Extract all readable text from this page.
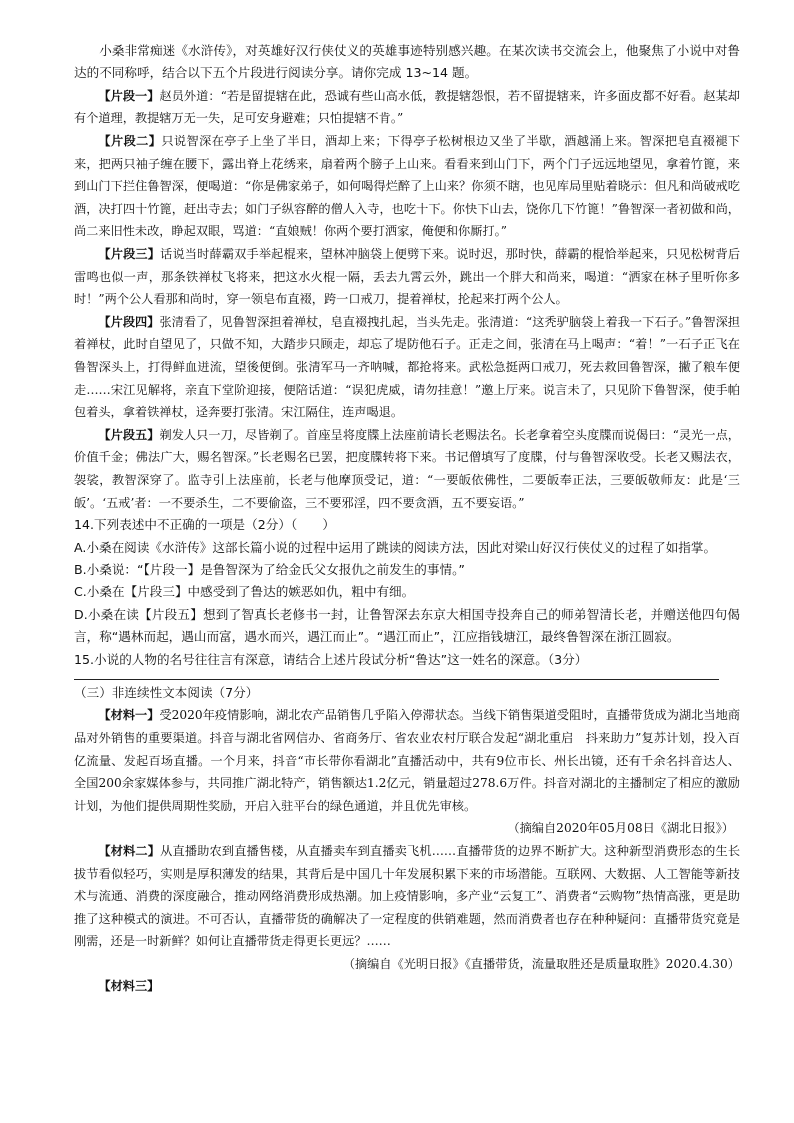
小桑非常痴迷《水浒传》，对英雄好汉行侠仗义的英雄事迹特别感兴趣。在某次读书交流会上，他聚焦了小说中对鲁达的不同称呼，结合以下五个片段进行阅读分享。请你完成 13~14 题。

【片段一】赵员外道：“若是留提辖在此，恐诚有些山高水低，教提辖怨恨，若不留提辖来，许多面皮都不好看。赵某却有个道理，教提辖万无一失，足可安身避难；只怕提辖不肯。”

【片段二】只说智深在亭子上坐了半日，酒却上来；下得亭子松树根边又坐了半歇，酒越涌上来。智深把皂直裰褪下来，把两只袖子缠在腰下，露出脊上花绣来，扇着两个膀子上山来。看看来到山门下，两个门子远远地望见，拿着竹篦，来到山门下拦住鲁智深，便喝道：“你是佛家弟子，如何喝得烂醉了上山来？你须不瞎，也见库局里贴着晓示：但凡和尚破戒吃酒，决打四十竹篦，赶出寺去；如门子纵容醉的僧人入寺，也吃十下。你快下山去，饶你几下竹篦！”鲁智深一者初做和尚，尚二来旧性未改，睁起双眼，骂道：“直娘贼！你两个要打洒家，俺便和你厮打。”

【片段三】话说当时薛霸双手举起棍来，望林冲脑袋上便劈下来。说时迟，那时快，薛霸的棍恰举起来，只见松树背后雷鸣也似一声，那条铁禅杖飞将来，把这水火棍一隔，丢去九霄云外，跳出一个胖大和尚来，喝道：“洒家在林子里听你多时！”两个公人看那和尚时，穿一领皂布直裰，跨一口戒刀，提着禅杖，抡起来打两个公人。

【片段四】张清看了，见鲁智深担着禅杖，皂直裰拽扎起，当头先走。张清道：“这秃驴脑袋上着我一下石子。”鲁智深担着禅杖，此时自望见了，只做不知，大踏步只顾走，却忘了堤防他石子。正走之间，张清在马上喝声：“着！”一石子正飞在鲁智深头上，打得鲜血迸流，望後便倒。张清军马一齐呐喊，都抢将来。武松急挺两口戒刀，死去救回鲁智深，撇了粮车便走……宋江见解将，亲直下堂阶迎接，便陪话道：“误犯虎威，请勿挂意！”邀上厅来。说言未了，只见阶下鲁智深，使手帕包着头，拿着铁禅杖，迳奔要打张清。宋江隔住，连声喝退。

【片段五】剃发人只一刀，尽皆剃了。首座呈将度牒上法座前请长老赐法名。长老拿着空头度牒而说偈曰：“灵光一点，价值千金；佛法广大，赐名智深。”长老赐名已罢，把度牒转将下来。书记僧填写了度牒，付与鲁智深收受。长老又赐法衣，袈裟，教智深穿了。监寺引上法座前，长老与他摩顶受记，道：“一要皈依佛性，二要皈奉正法，三要皈敬师友：此是‘三皈’。‘五戒’者：一不要杀生，二不要偷盗，三不要邪淫，四不要贪酒，五不要妄语。”

14.下列表述中不正确的一项是（2分）（　　）

A.小桑在阅读《水浒传》这部长篇小说的过程中运用了跳读的阅读方法，因此对梁山好汉行侠仗义的过程了如指掌。

B.小桑说：“【片段一】是鲁智深为了给金氏父女报仇之前发生的事情。”

C.小桑在【片段三】中感受到了鲁达的嫉恶如仇，粗中有细。

D.小桑在读【片段五】想到了智真长老修书一封，让鲁智深去东京大相国寺投奔自己的师弟智清长老，并赠送他四句偈言，称“遇林而起，遇山而富，遇水而兴，遇江而止”。“遇江而止”，江应指钱塘江，最终鲁智深在浙江圆寂。

15.小说的人物的名号往往言有深意，请结合上述片段试分析“鲁达”这一姓名的深意。（3分）

（三）非连续性文本阅读（7分）

【材料一】受2020年疫情影响，湖北农产品销售几乎陷入停滞状态。当线下销售渠道受阻时，直播带货成为湖北当地商品对外销售的重要渠道。抖音与湖北省网信办、省商务厅、省农业农村厅联合发起“湖北重启　抖来助力”复苏计划，投入百亿流量、发起百场直播。一个月来，抖音“市长带你看湖北”直播活动中，共有9位市长、州长出镜，还有千余名抖音达人、全国200余家媒体参与，共同推广湖北特产，销售额达1.2亿元，销量超过278.6万件。抖音对湖北的主播制定了相应的激励计划，为他们提供周期性奖励，开启入驻平台的绿色通道，并且优先审核。

（摘编自2020年05月08日《湖北日报》）

【材料二】从直播助农到直播售楼，从直播卖车到直播卖飞机……直播带货的边界不断扩大。这种新型消费形态的生长拔节看似轻巧，实则是厚积薄发的结果，其背后是中国几十年发展积累下来的市场潜能。互联网、大数据、人工智能等新技术与流通、消费的深度融合，推动网络消费形成热潮。加上疫情影响，多产业“云复工”、消费者“云购物”热情高涨，更是助推了这种模式的演进。不可否认，直播带货的确解决了一定程度的供销难题，然而消费者也存在种种疑问：直播带货究竟是刚需，还是一时新鲜？如何让直播带货走得更长更远？……

（摘编自《光明日报》《直播带货，流量取胜还是质量取胜》2020.4.30）

【材料三】
